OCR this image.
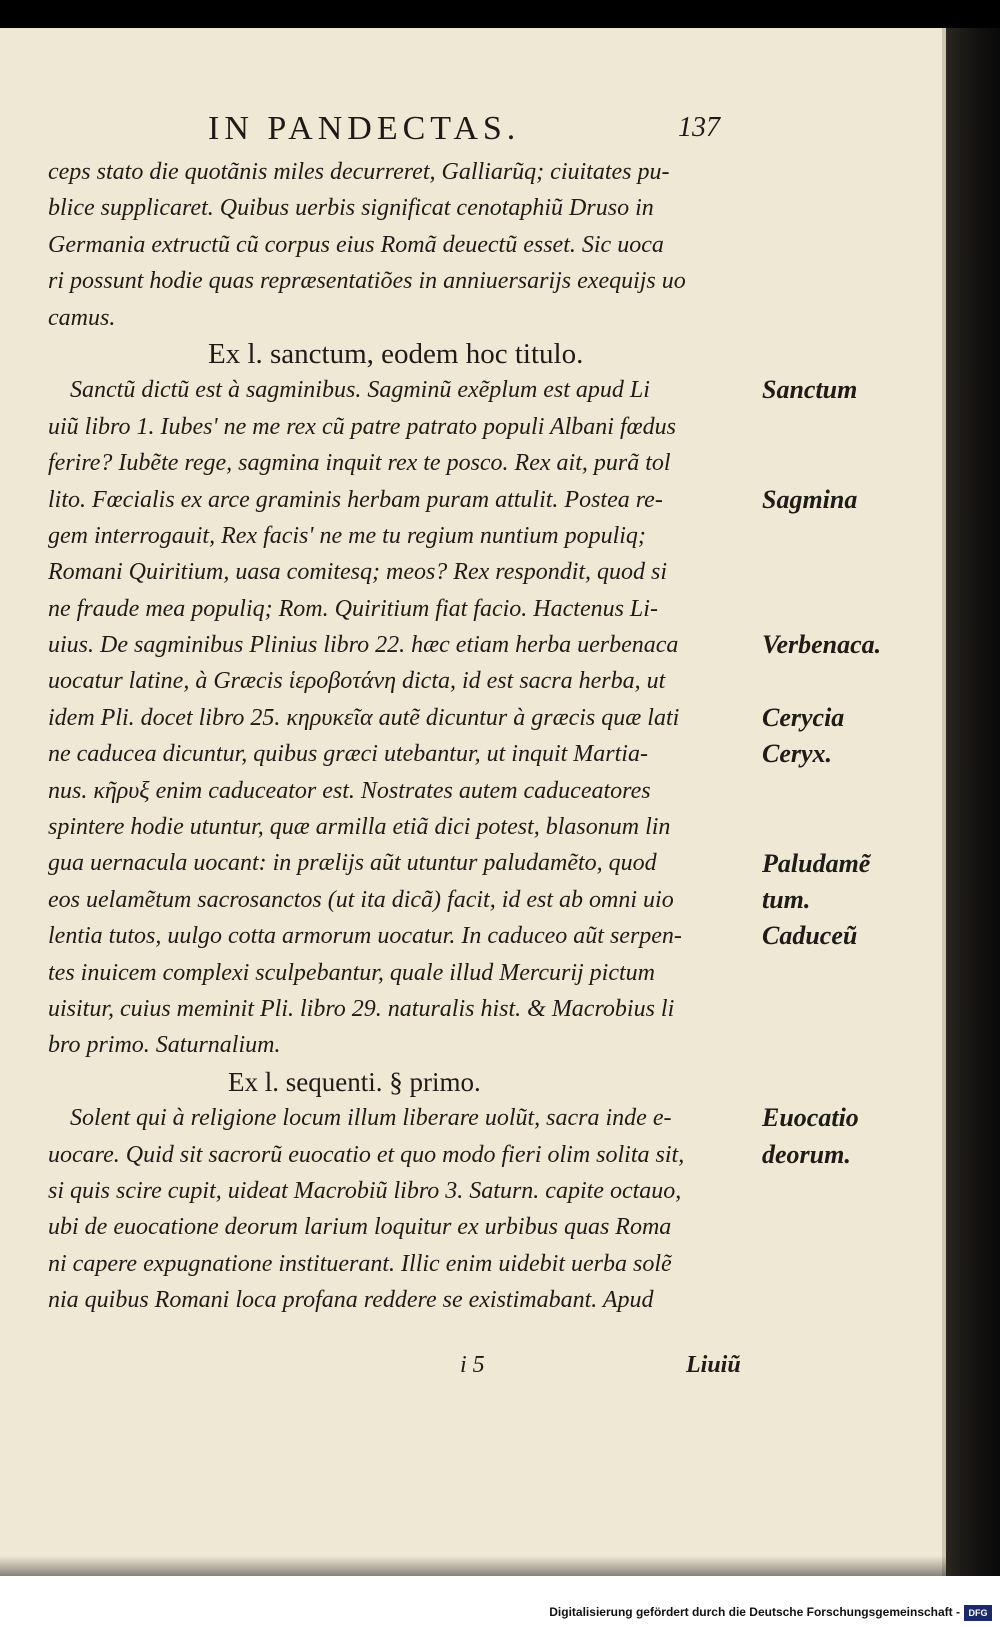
IN PANDECTAS.	137
ceps stato die quotãnis miles decurreret, Galliarũq; ciuitates pu-
blice supplicaret. Quibus uerbis significat cenotaphiũ Druso in
Germania extructũ cũ corpus eius Romã deuectũ esset. Sic uoca
ri possunt hodie quas repræsentatiões in anniuersarijs exequijs uo
camus.
Ex l. sanctum, eodem hoc titulo.
Sanctũ dictũ est à sagminibus. Sagminũ exẽplum est apud Li
uiũ libro 1. Iubes' ne me rex cũ patre patrato populi Albani fœdus
ferire? Iubẽte rege, sagmina inquit rex te posco. Rex ait, purã tol
lito. Fœcialis ex arce graminis herbam puram attulit. Postea re-
gem interrogauit, Rex facis' ne me tu regium nuntium populiq;
Romani Quiritium, uasa comitesq; meos? Rex respondit, quod si
ne fraude mea populiq; Rom. Quiritium fiat facio. Hactenus Li-
uius. De sagminibus Plinius libro 22. hæc etiam herba uerbenaca
uocatur latine, à Græcis ἱεροβοτάνη dicta, id est sacra herba, ut
idem Pli. docet libro 25. κηρυκεῖα autẽ dicuntur à græcis quæ lati
ne caducea dicuntur, quibus græci utebantur, ut inquit Martia-
nus. κῆρυξ enim caduceator est. Nostrates autem caduceatores
spintere hodie utuntur, quæ armilla etiã dici potest, blasonum lin
gua uernacula uocant: in prælijs aũt utuntur paludamẽto, quod
eos uelamẽtum sacrosanctos (ut ita dicã) facit, id est ab omni uio
lentia tutos, uulgo cotta armorum uocatur. In caduceo aũt serpen-
tes inuicem complexi sculpebantur, quale illud Mercurij pictum
uisitur, cuius meminit Pli. libro 29. naturalis hist. & Macrobius li
bro primo. Saturnalium.
Ex l. sequenti. § primo.
Solent qui à religione locum illum liberare uolũt, sacra inde e-
uocare. Quid sit sacrorũ euocatio et quo modo fieri olim solita sit,
si quis scire cupit, uideat Macrobiũ libro 3. Saturn. capite octauo,
ubi de euocatione deorum larium loquitur ex urbibus quas Roma
ni capere expugnatione instituerant. Illic enim uidebit uerba solẽ
nia quibus Romani loca profana reddere se existimabant. Apud
Sanctum
Sagmina
Verbenaca.
Cerycia
Ceryx.
Paludamẽ
tum.
Caduceũ
Euocatio
deorum.
i 5	Liuiũ
Digitalisierung gefördert durch die Deutsche Forschungsgemeinschaft - DFG
